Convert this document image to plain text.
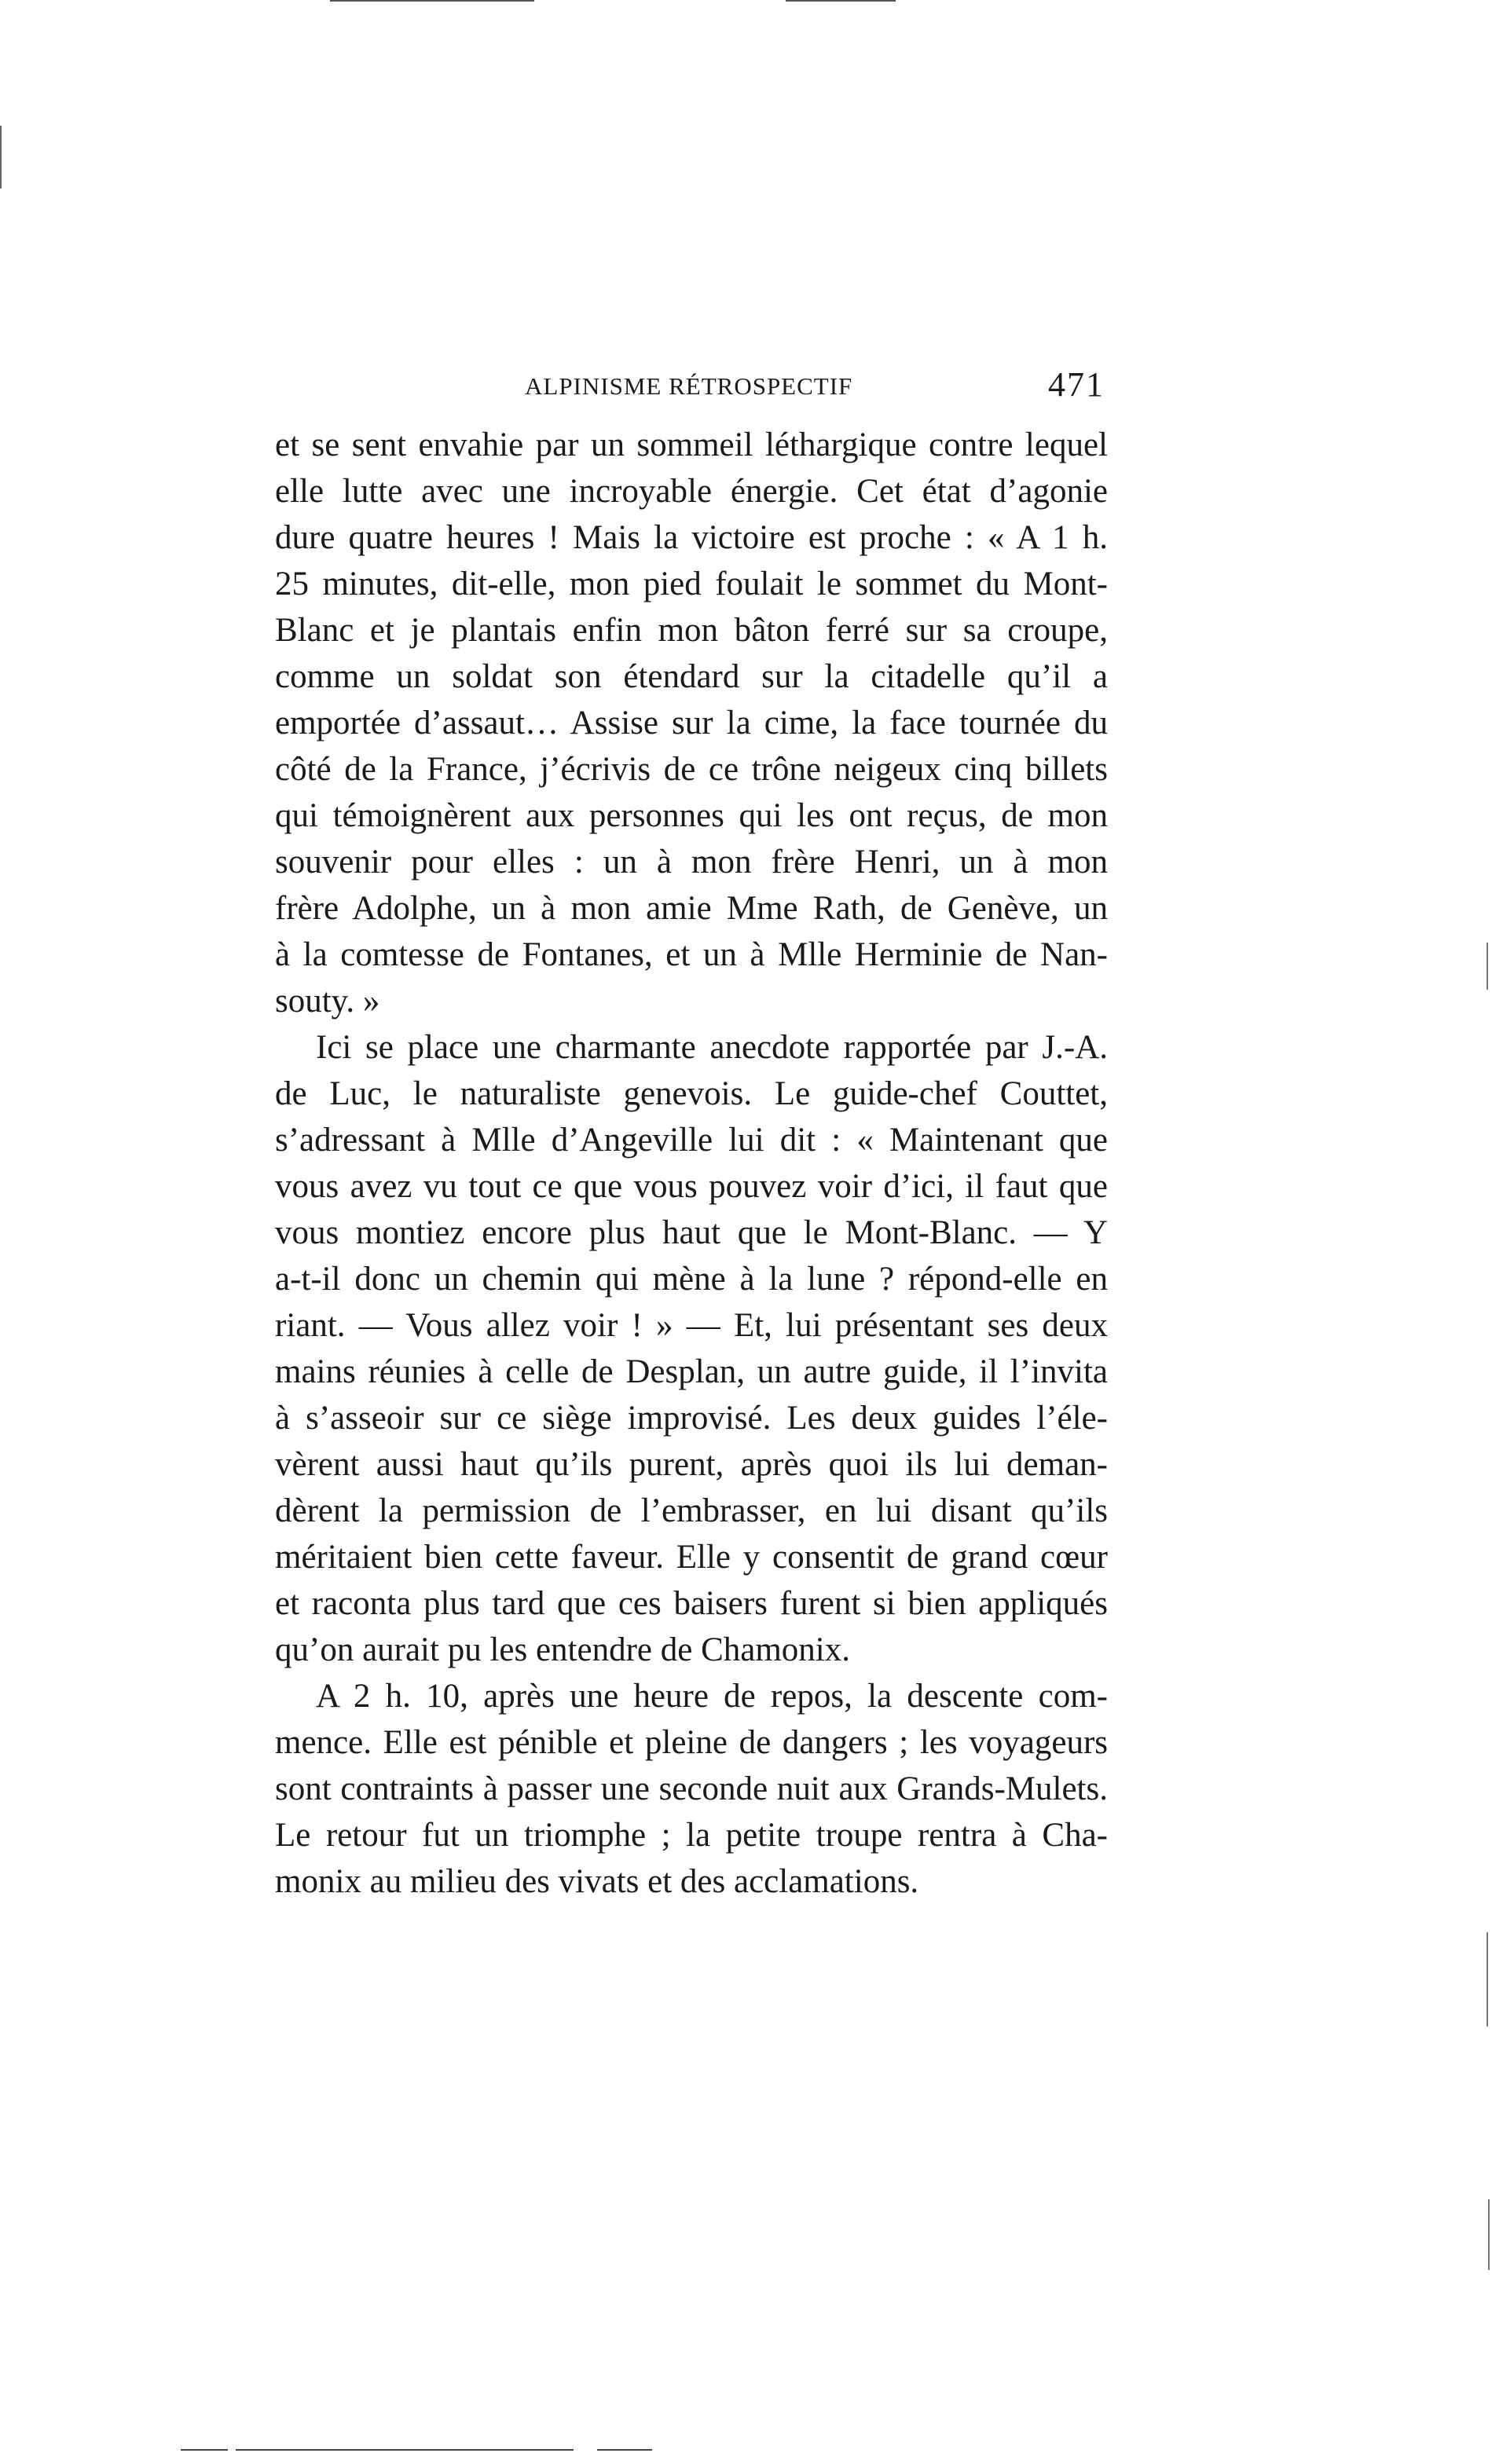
ALPINISME RÉTROSPECTIF	471
et se sent envahie par un sommeil léthargique contre lequel
elle lutte avec une incroyable énergie. Cet état d’agonie
dure quatre heures ! Mais la victoire est proche : « A 1 h.
25 minutes, dit-elle, mon pied foulait le sommet du Mont-
Blanc et je plantais enfin mon bâton ferré sur sa croupe,
comme un soldat son étendard sur la citadelle qu’il a
emportée d’assaut… Assise sur la cime, la face tournée du
côté de la France, j’écrivis de ce trône neigeux cinq billets
qui témoignèrent aux personnes qui les ont reçus, de mon
souvenir pour elles : un à mon frère Henri, un à mon
frère Adolphe, un à mon amie Mme Rath, de Genève, un
à la comtesse de Fontanes, et un à Mlle Herminie de Nan-
souty. »
Ici se place une charmante anecdote rapportée par J.-A.
de Luc, le naturaliste genevois. Le guide-chef Couttet,
s’adressant à Mlle d’Angeville lui dit : « Maintenant que
vous avez vu tout ce que vous pouvez voir d’ici, il faut que
vous montiez encore plus haut que le Mont-Blanc. — Y
a-t-il donc un chemin qui mène à la lune ? répond-elle en
riant. — Vous allez voir ! » — Et, lui présentant ses deux
mains réunies à celle de Desplan, un autre guide, il l’invita
à s’asseoir sur ce siège improvisé. Les deux guides l’éle-
vèrent aussi haut qu’ils purent, après quoi ils lui deman-
dèrent la permission de l’embrasser, en lui disant qu’ils
méritaient bien cette faveur. Elle y consentit de grand cœur
et raconta plus tard que ces baisers furent si bien appliqués
qu’on aurait pu les entendre de Chamonix.
A 2 h. 10, après une heure de repos, la descente com-
mence. Elle est pénible et pleine de dangers ; les voyageurs
sont contraints à passer une seconde nuit aux Grands-Mulets.
Le retour fut un triomphe ; la petite troupe rentra à Cha-
monix au milieu des vivats et des acclamations.
